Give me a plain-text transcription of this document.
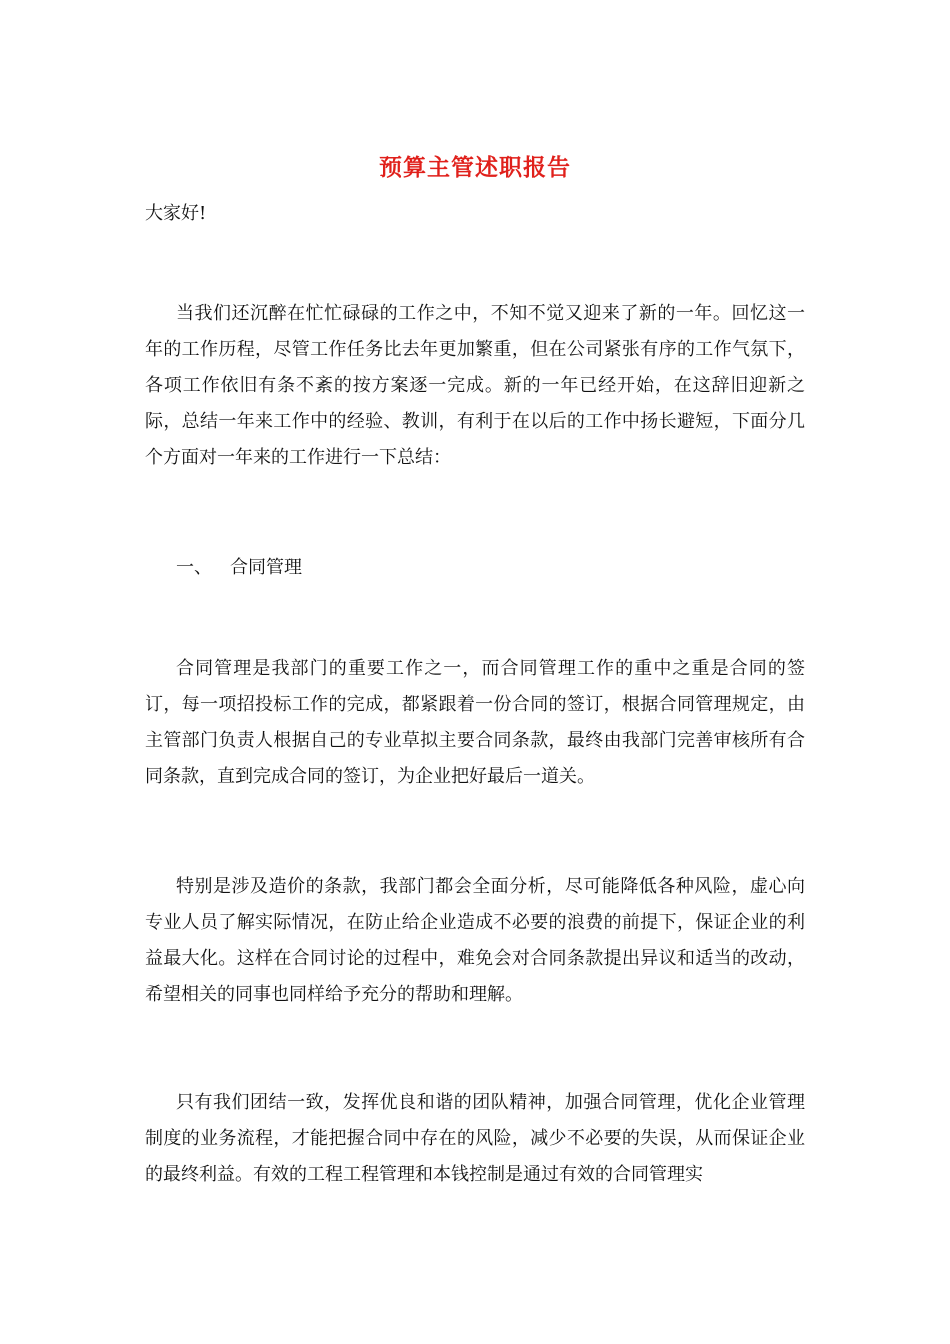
预算主管述职报告
大家好!

当我们还沉醉在忙忙碌碌的工作之中，不知不觉又迎来了新的一年。回忆这一年的工作历程，尽管工作任务比去年更加繁重，但在公司紧张有序的工作气氛下，各项工作依旧有条不紊的按方案逐一完成。新的一年已经开始，在这辞旧迎新之际，总结一年来工作中的经验、教训，有利于在以后的工作中扬长避短，下面分几个方面对一年来的工作进行一下总结：

一、 合同管理

合同管理是我部门的重要工作之一，而合同管理工作的重中之重是合同的签订，每一项招投标工作的完成，都紧跟着一份合同的签订，根据合同管理规定，由主管部门负责人根据自己的专业草拟主要合同条款，最终由我部门完善审核所有合同条款，直到完成合同的签订，为企业把好最后一道关。

特别是涉及造价的条款，我部门都会全面分析，尽可能降低各种风险，虚心向专业人员了解实际情况，在防止给企业造成不必要的浪费的前提下，保证企业的利益最大化。这样在合同讨论的过程中，难免会对合同条款提出异议和适当的改动，希望相关的同事也同样给予充分的帮助和理解。

只有我们团结一致，发挥优良和谐的团队精神，加强合同管理，优化企业管理制度的业务流程，才能把握合同中存在的风险，减少不必要的失误，从而保证企业的最终利益。有效的工程工程管理和本钱控制是通过有效的合同管理实
